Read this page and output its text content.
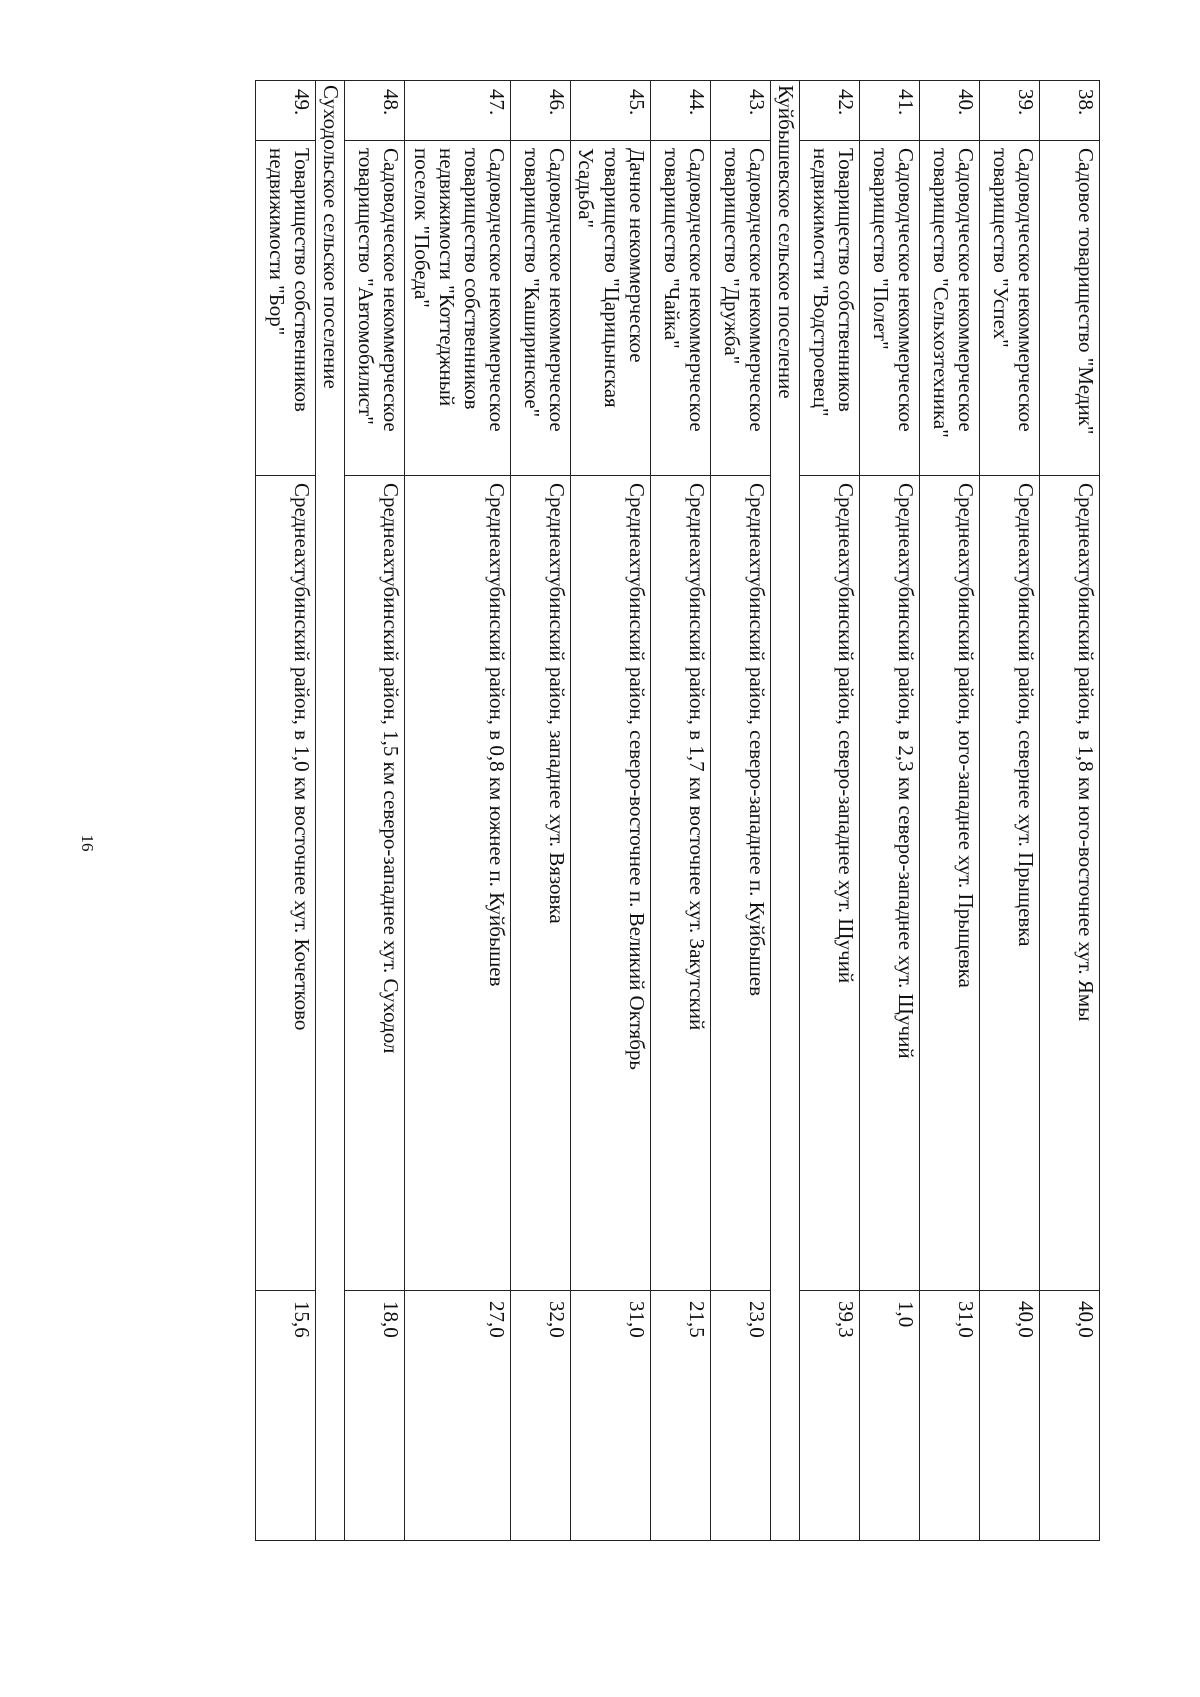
16
38.	Садовое товарищество "Медик"	Среднеахтубинский район, в 1,8 км юго-восточнее хут. Ямы	40,0
39.	Садоводческое некоммерческое товарищество "Успех"	Среднеахтубинский район, севернее хут. Прыщевка	40,0
40.	Садоводческое некоммерческое товарищество "Сельхозтехника"	Среднеахтубинский район, юго-западнее хут. Прыщевка	31,0
41.	Садоводческое некоммерческое товарищество "Полет"	Среднеахтубинский район, в 2,3 км северо-западнее хут. Щучий	1,0
42.	Товарищество собственников недвижимости "Водстроевец"	Среднеахтубинский район, северо-западнее хут. Щучий	39,3
Куйбышевское сельское поселение			
43.	Садоводческое некоммерческое товарищество "Дружба"	Среднеахтубинский район, северо-западнее п. Куйбышев	23,0
44.	Садоводческое некоммерческое товарищество "Чайка"	Среднеахтубинский район, в 1,7 км восточнее хут. Закутский	21,5
45.	Дачное некоммерческое товарищество "Царицынская Усадьба"	Среднеахтубинский район, северо-восточнее п. Великий Октябрь	31,0
46.	Садоводческое некоммерческое товарищество "Каширинское"	Среднеахтубинский район, западнее хут. Вязовка	32,0
47.	Садоводческое некоммерческое товарищество собственников недвижимости "Коттеджный поселок "Победа"	Среднеахтубинский район, в 0,8 км южнее п. Куйбышев	27,0
48.	Садоводческое некоммерческое товарищество "Автомобилист"	Среднеахтубинский район, 1,5 км северо-западнее хут. Суходол	18,0
Суходольское сельское поселение			
49.	Товарищество собственников недвижимости "Бор"	Среднеахтубинский район, в 1,0 км восточнее хут. Кочетково	15,6
